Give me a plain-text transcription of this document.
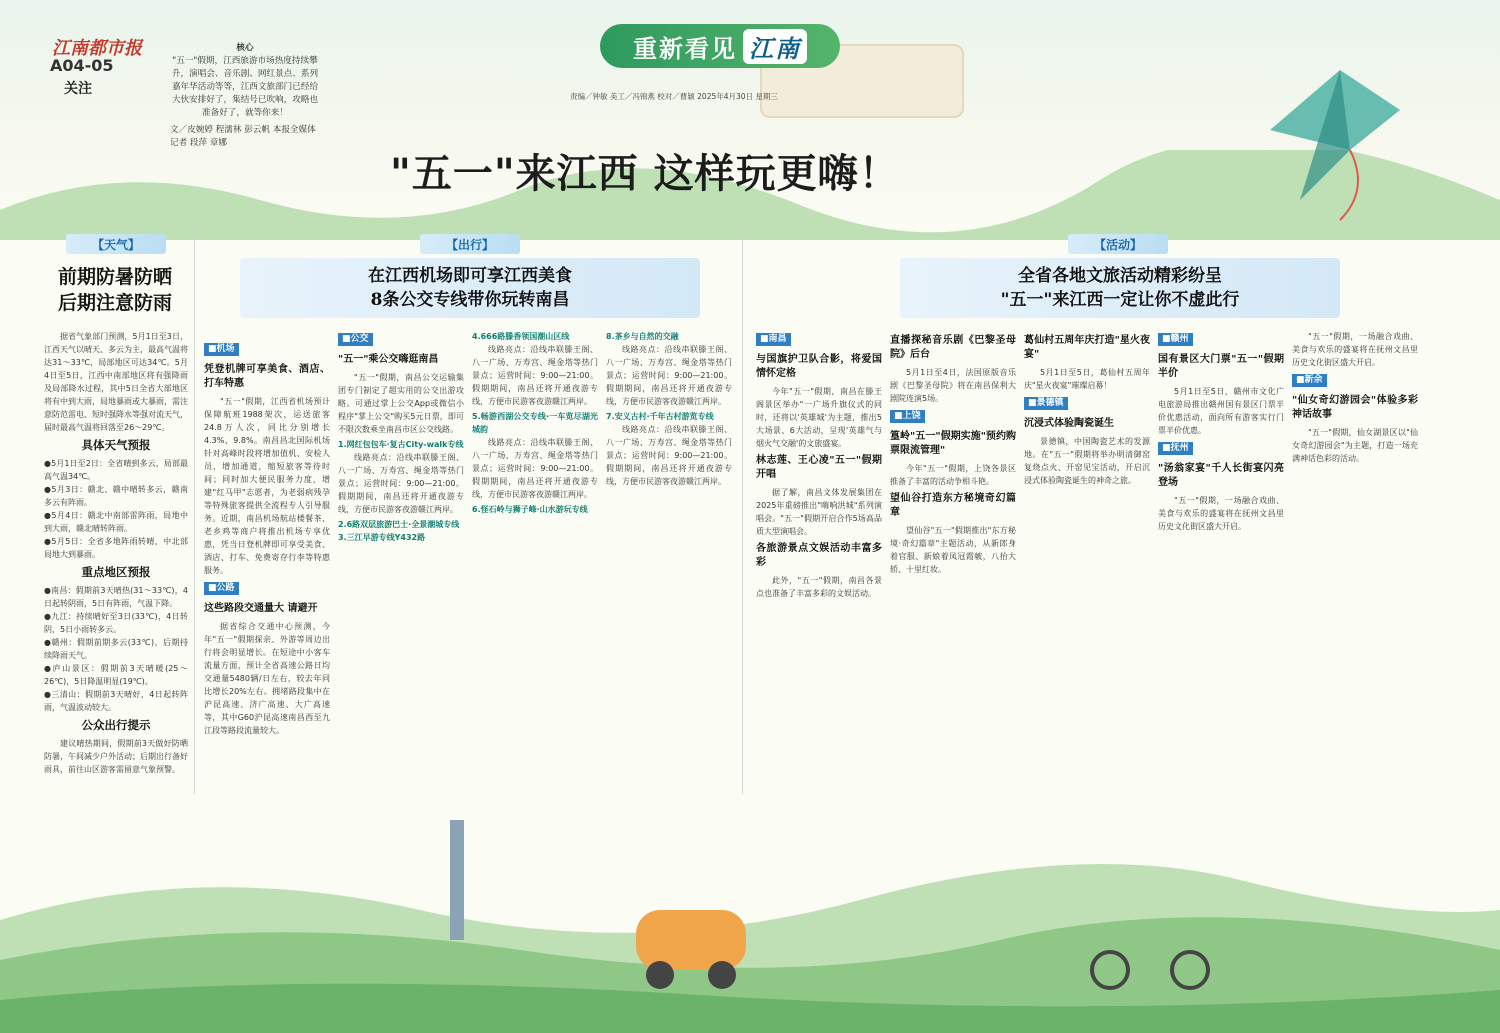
江南都市报
A04-05
关注
核心
"五一"假期，江西旅游市场热度持续攀升，演唱会、音乐剧、网红景点、系列嘉年华活动等等，江西文旅部门已经给大伙安排好了，集结号已吹响，攻略也准备好了，就等你来！
文／皮婉婷 程濡林 彭云帆 本报全媒体记者 段萍 章娜
重新看见 江南
责编／钟敏 美工／冯锦燕 校对／曹颖 2025年4月30日 星期三
"五一"来江西 这样玩更嗨！
【天气】
前期防暑防晒
后期注意防雨

据省气象部门预测，5月1日至3日，江西天气以晴天、多云为主，最高气温将达31～33℃，局部地区可达34℃。5月4日至5日，江西中南部地区将有强降雨及局部降水过程，其中5日全省大部地区将有中到大雨，局地暴雨或大暴雨，需注意防范雷电、短时强降水等强对流天气，届时最高气温将回落至26～29℃。

具体天气预报
●5月1日至2日：全省晴到多云，局部最高气温34℃。
●5月3日：赣北、赣中晴转多云，赣南多云有阵雨。
●5月4日：赣北中南部雷阵雨，局地中到大雨，赣北晴转阵雨。
●5月5日：全省多地阵雨转晴，中北部局地大到暴雨。
重点地区预报
●南昌：假期前3天晴热(31～33℃)，4日起转阴雨，5日有阵雨，气温下降。
●九江：持续晴好至3日(33℃)，4日转阴，5日小雨转多云。
●赣州：假期前期多云(33℃)，后期持续降雨天气。
●庐山景区：假期前3天晴暖(25～26℃)，5日降温明显(19℃)。
●三清山：假期前3天晴好，4日起转阵雨，气温波动较大。
公众出行提示

建议晴热期间，假期前3天做好防晒防暑，午间减少户外活动；后期出行备好雨具，前往山区游客需留意气象预警。

【出行】
在江西机场即可享江西美食
8条公交专线带你玩转南昌
■机场
凭登机牌可享美食、酒店、打车特惠

"五一"假期，江西省机场预计保障航班1988架次，运送旅客24.8万人次，同比分别增长4.3%、9.8%。南昌昌北国际机场针对高峰时段将增加值机、安检人员，增加通道，缩短旅客等待时间；同时加大便民服务力度，增建"红马甲"志愿者，为老弱病残孕等特殊旅客提供全流程专人引导服务。近期，南昌机场航站楼餐茶、老乡鸡等商户将推出机场专享优惠，凭当日登机牌即可享受美食、酒店、打车、免费寄存行李等特惠服务。

■公路
这些路段交通量大 请避开

据省综合交通中心预测，今年"五一"假期探亲、外游等周边出行将会明显增长。在短途中小客车流量方面，预计全省高速公路日均交通量5480辆/日左右，较去年同比增长20%左右。拥堵路段集中在沪昆高速、济广高速、大广高速等，其中G60沪昆高速南昌西至九江段等路段流量较大。

■公交
"五一"乘公交嗨逛南昌

"五一"假期，南昌公交运输集团专门制定了超实用的公交出游攻略。可通过掌上公交App或微信小程序"掌上公交"购买5元日票，即可不限次数乘坐南昌市区公交线路。

1.网红包包车·复古City-walk专线

线路亮点：沿线串联滕王阁、八一广场、万寿宫、绳金塔等热门景点；运营时间：9:00—21:00。假期期间，南昌还将开通夜游专线，方便市民游客夜游赣江两岸。

2.6路双层旅游巴士·全景潮城专线
3.三江早游专线Y432路
4.666路滕香领国潮山区线

线路亮点：沿线串联滕王阁、八一广场、万寿宫、绳金塔等热门景点；运营时间：9:00—21:00。假期期间，南昌还将开通夜游专线，方便市民游客夜游赣江两岸。

5.畅游西湖公交专线·一车览尽湖光城韵

线路亮点：沿线串联滕王阁、八一广场、万寿宫、绳金塔等热门景点；运营时间：9:00—21:00。假期期间，南昌还将开通夜游专线，方便市民游客夜游赣江两岸。

6.怪石岭与狮子峰·山水游玩专线
8.茶乡与自然的交融

线路亮点：沿线串联滕王阁、八一广场、万寿宫、绳金塔等热门景点；运营时间：9:00—21:00。假期期间，南昌还将开通夜游专线，方便市民游客夜游赣江两岸。

7.安义古村·千年古村游览专线

线路亮点：沿线串联滕王阁、八一广场、万寿宫、绳金塔等热门景点；运营时间：9:00—21:00。假期期间，南昌还将开通夜游专线，方便市民游客夜游赣江两岸。

【活动】
全省各地文旅活动精彩纷呈
"五一"来江西一定让你不虚此行
■南昌
与国旗护卫队合影，将爱国情怀定格

今年"五一"假期，南昌在滕王阁景区举办"一广场升旗仪式的同时，还将以'英雄城'为主题，推出5大场景、6大活动，呈现'英雄气与烟火气交融'的文旅盛宴。

林志莲、王心凌"五一"假期开唱

据了解，南昌文体发展集团在2025年重磅推出"嗨响洪城"系列演唱会。"五一"假期开启合作5场高品质大型演唱会。

各旅游景点文娱活动丰富多彩

此外，"五一"假期，南昌各景点也准备了丰富多彩的文娱活动。

直播探秘音乐剧《巴黎圣母院》后台

5月1日至4日，法国原版音乐剧《巴黎圣母院》将在南昌保利大剧院连演5场。

■上饶
篁岭"五一"假期实施"预约购票限流管理"

今年"五一"假期，上饶各景区推备了丰富的活动争相斗艳。

望仙谷打造东方秘境奇幻篇章

望仙谷"五一"假期推出"东方秘境·奇幻篇章"主题活动，从新郎身着官服、新娘着凤冠霞帔，八抬大轿、十里红妆。

葛仙村五周年庆打造"星火夜宴"

5月1日至5日，葛仙村五周年庆"星火夜宴"璀璨启幕！

■景德镇
沉浸式体验陶瓷诞生

景德镇，中国陶瓷艺术的发源地。在"五一"假期将举办明清御窑复烧点火、开窑见宝活动，开启沉浸式体验陶瓷诞生的神奇之旅。

■赣州
国有景区大门票"五一"假期半价

5月1日至5日，赣州市文化广电旅游局推出赣州国有景区门票半价优惠活动，面向所有游客实行门票半价优惠。

■抚州
"汤翁家宴"千人长街宴闪亮登场

"五一"假期，一场融合戏曲、美食与欢乐的盛宴将在抚州文昌里历史文化街区盛大开启。

"五一"假期，一场融合戏曲、美食与欢乐的盛宴将在抚州文昌里历史文化街区盛大开启。

■新余
"仙女奇幻游园会"体验多彩神话故事

"五一"假期，仙女湖景区以"仙女奇幻游园会"为主题，打造一场充满神话色彩的活动。
